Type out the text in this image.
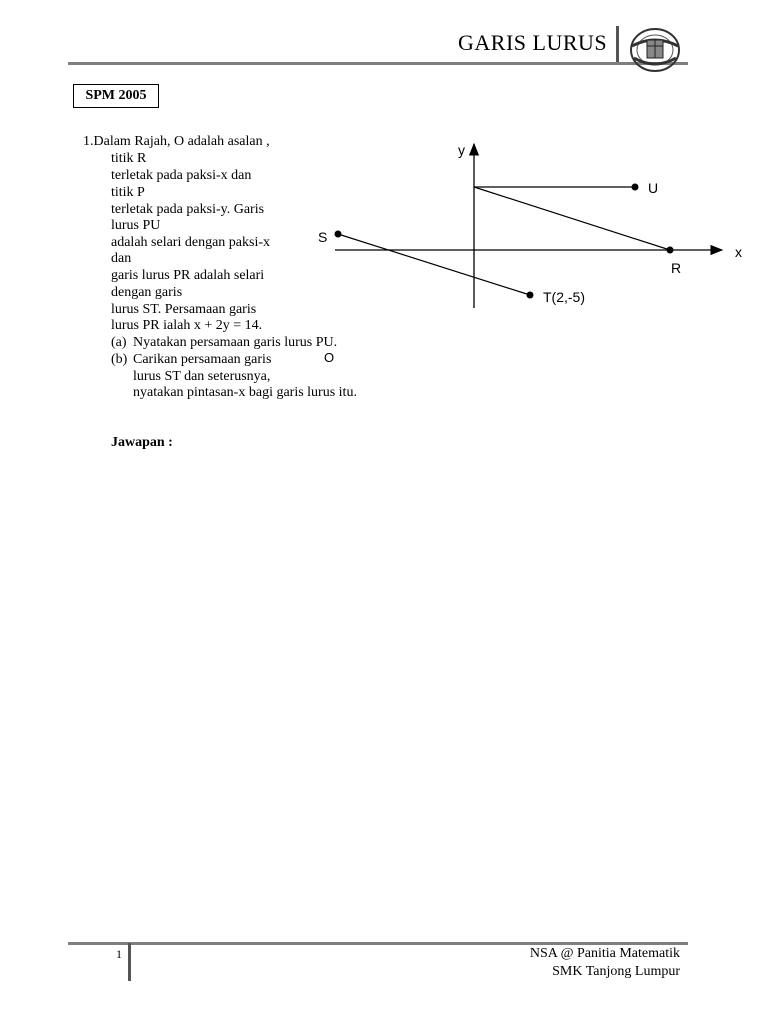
GARIS LURUS
SPM 2005
1.Dalam Rajah, O adalah asalan ,
titik R
terletak pada paksi-x dan
titik P
terletak pada paksi-y. Garis
lurus PU
adalah selari dengan paksi-x
dan
garis lurus PR adalah selari
dengan garis
lurus ST. Persamaan garis
lurus PR ialah x + 2y = 14.
(a) Nyatakan persamaan garis lurus PU.
(b) Carikan persamaan garis
lurus ST dan seterusnya,
nyatakan pintasan-x bagi garis lurus itu.
y
x
U
S
R
T(2,-5)
O
Jawapan :
1	NSA @ Panitia Matematik
SMK Tanjong Lumpur
